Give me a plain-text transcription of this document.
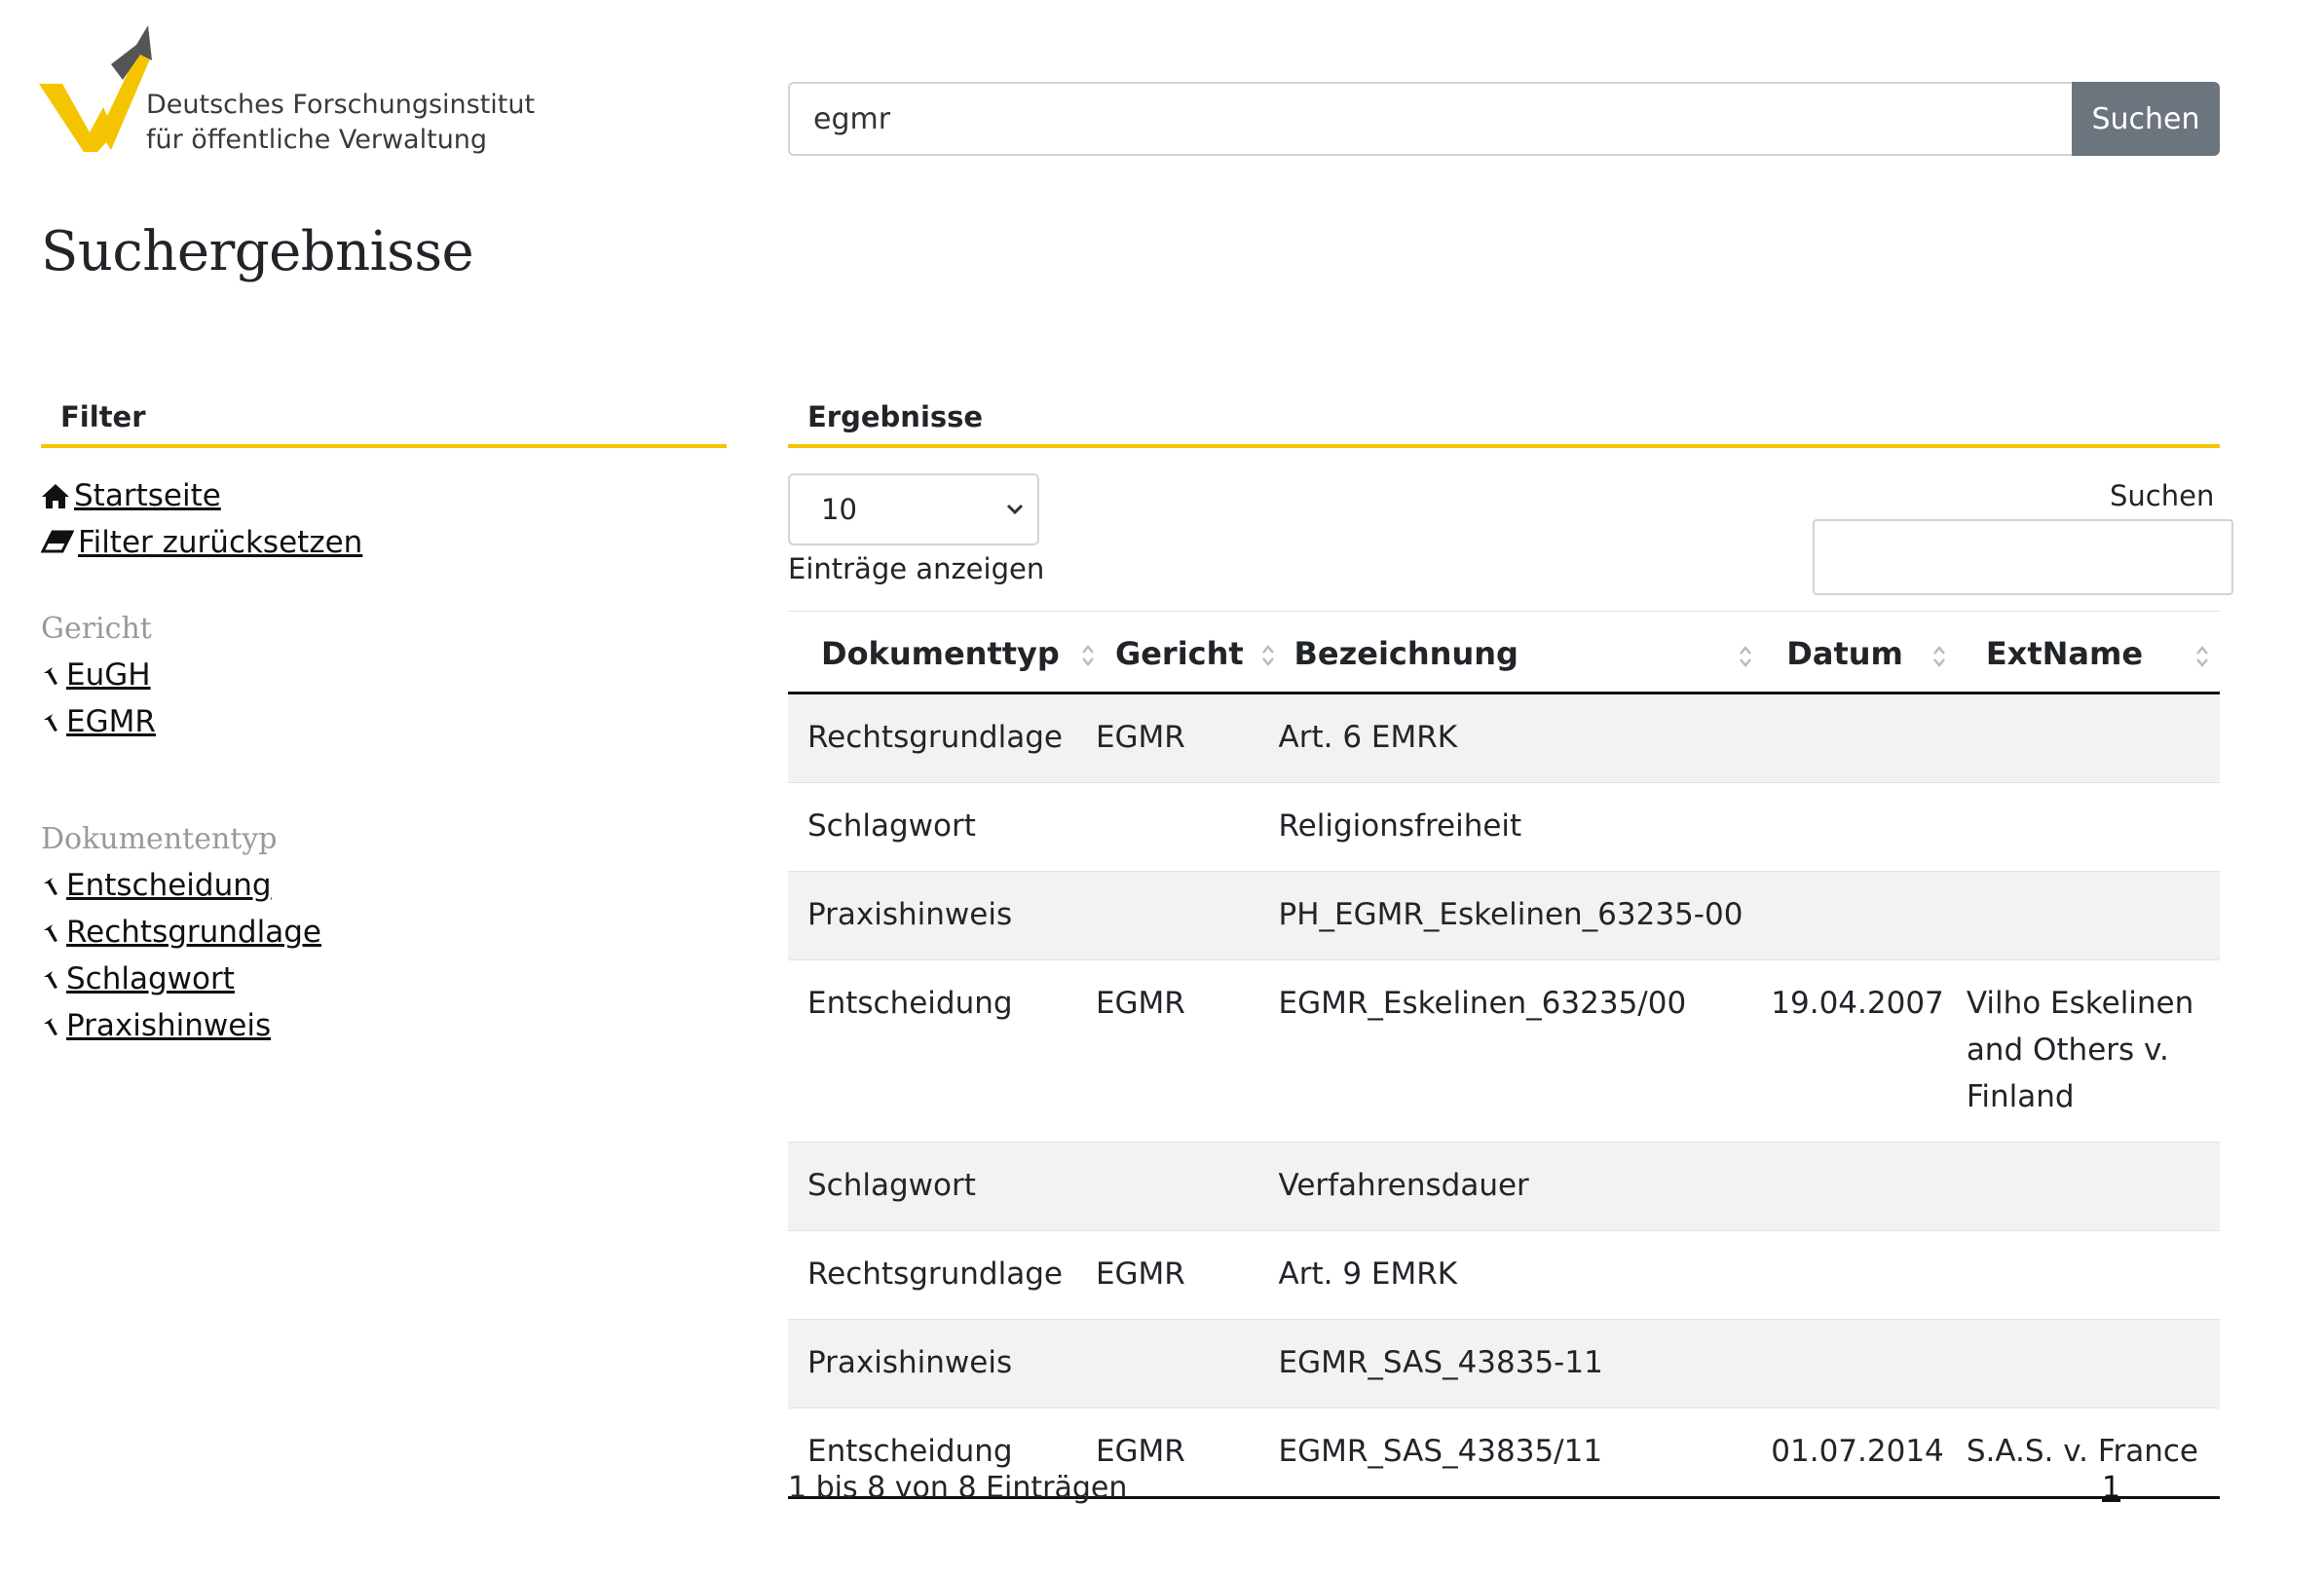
Deutsches Forschungsinstitut
für öffentliche Verwaltung
egmr
Suchen
Suchergebnisse
Filter	Ergebnisse
Startseite
Filter zurücksetzen
Gericht
EuGH
EGMR
Dokumententyp
Entscheidung
Rechtsgrundlage
Schlagwort
Praxishinweis
10
Einträge anzeigen
Suchen
Dokumenttyp	Gericht	Bezeichnung	Datum	ExtName

Rechtsgrundlage	EGMR	Art. 6 EMRK		
Schlagwort		Religionsfreiheit		
Praxishinweis		PH_EGMR_Eskelinen_63235-00		
Entscheidung	EGMR	EGMR_Eskelinen_63235/00	19.04.2007	Vilho Eskelinen and Others v. Finland
Schlagwort		Verfahrensdauer		
Rechtsgrundlage	EGMR	Art. 9 EMRK		
Praxishinweis		EGMR_SAS_43835-11		
Entscheidung	EGMR	EGMR_SAS_43835/11	01.07.2014	S.A.S. v. France
1 bis 8 von 8 Einträgen	1
